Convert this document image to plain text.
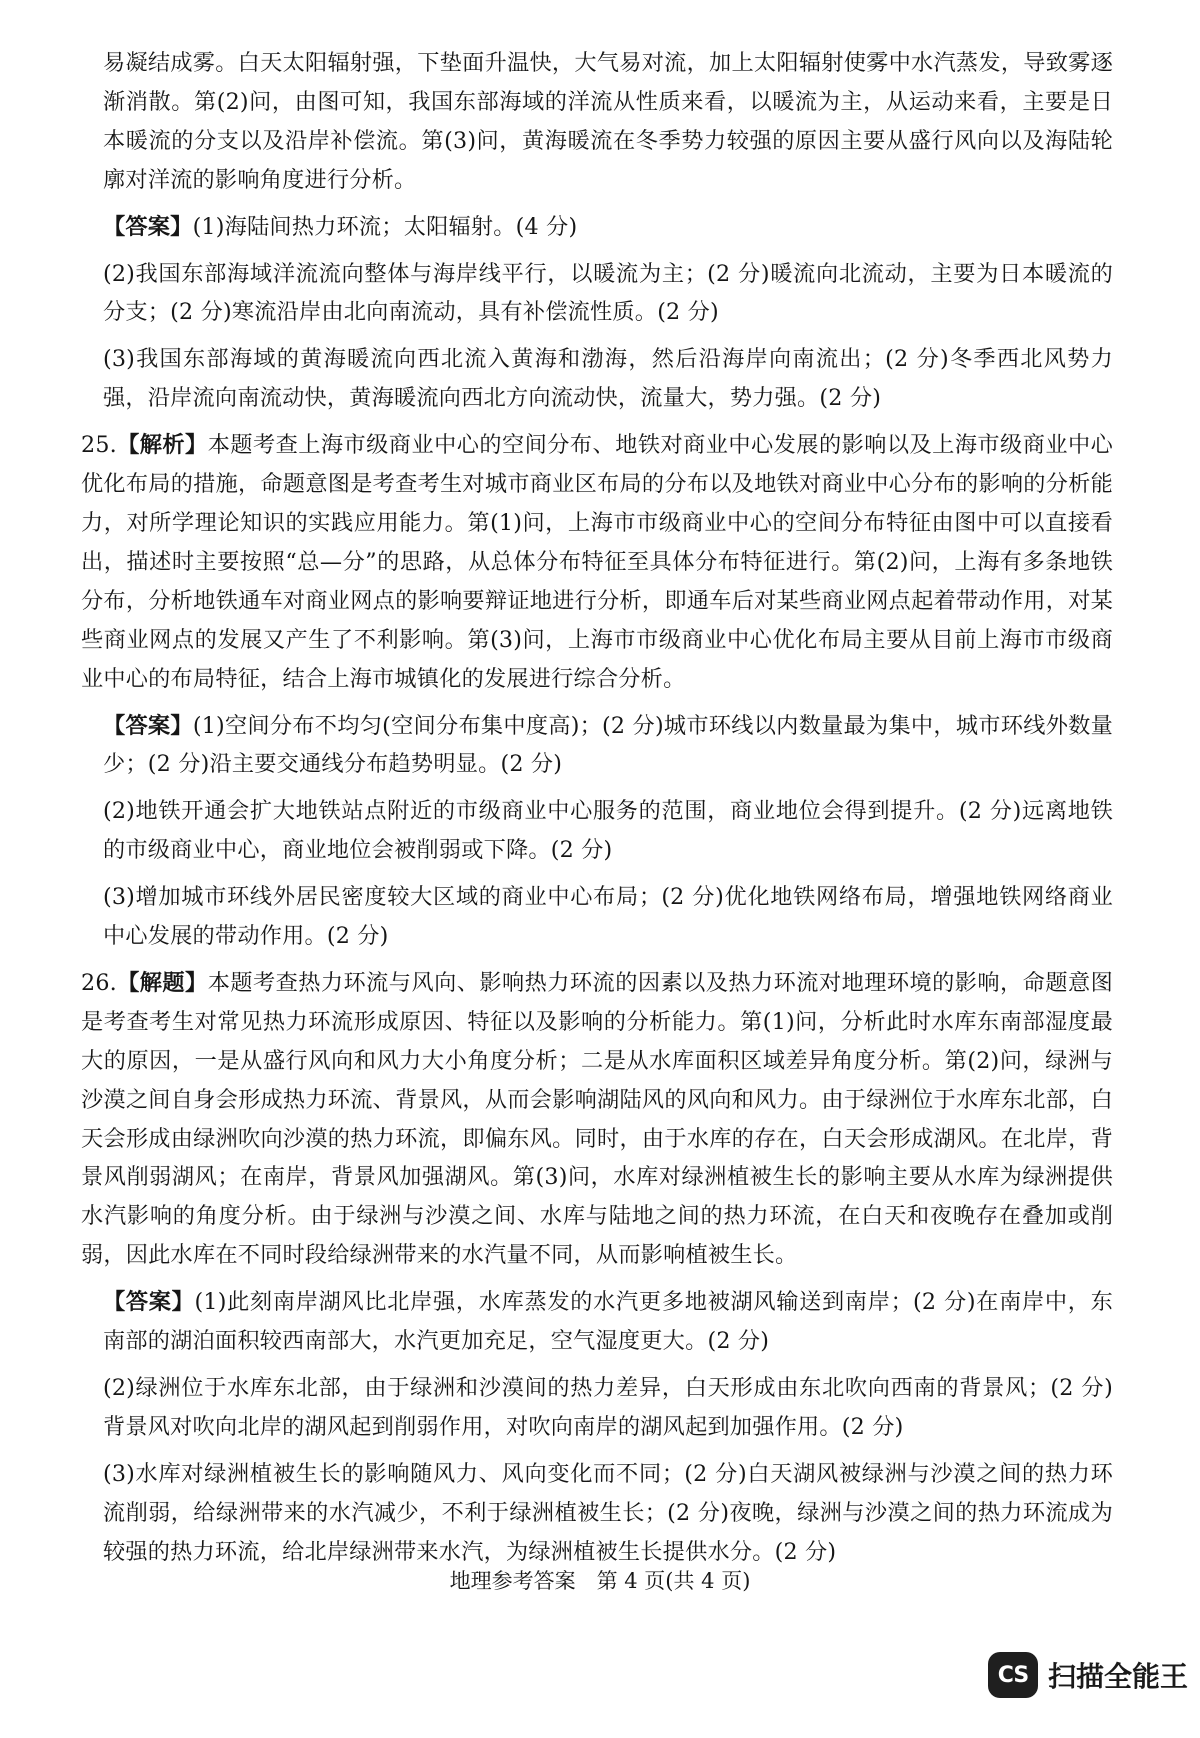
易凝结成雾。白天太阳辐射强，下垫面升温快，大气易对流，加上太阳辐射使雾中水汽蒸发，导致雾逐渐消散。第(2)问，由图可知，我国东部海域的洋流从性质来看，以暖流为主，从运动来看，主要是日本暖流的分支以及沿岸补偿流。第(3)问，黄海暖流在冬季势力较强的原因主要从盛行风向以及海陆轮廓对洋流的影响角度进行分析。

【答案】(1)海陆间热力环流；太阳辐射。(4 分)

(2)我国东部海域洋流流向整体与海岸线平行，以暖流为主；(2 分)暖流向北流动，主要为日本暖流的分支；(2 分)寒流沿岸由北向南流动，具有补偿流性质。(2 分)

(3)我国东部海域的黄海暖流向西北流入黄海和渤海，然后沿海岸向南流出；(2 分)冬季西北风势力强，沿岸流向南流动快，黄海暖流向西北方向流动快，流量大，势力强。(2 分)

25.【解析】本题考查上海市级商业中心的空间分布、地铁对商业中心发展的影响以及上海市级商业中心优化布局的措施，命题意图是考查考生对城市商业区布局的分布以及地铁对商业中心分布的影响的分析能力，对所学理论知识的实践应用能力。第(1)问，上海市市级商业中心的空间分布特征由图中可以直接看出，描述时主要按照“总—分”的思路，从总体分布特征至具体分布特征进行。第(2)问，上海有多条地铁分布，分析地铁通车对商业网点的影响要辩证地进行分析，即通车后对某些商业网点起着带动作用，对某些商业网点的发展又产生了不利影响。第(3)问，上海市市级商业中心优化布局主要从目前上海市市级商业中心的布局特征，结合上海市城镇化的发展进行综合分析。

【答案】(1)空间分布不均匀(空间分布集中度高)；(2 分)城市环线以内数量最为集中，城市环线外数量少；(2 分)沿主要交通线分布趋势明显。(2 分)

(2)地铁开通会扩大地铁站点附近的市级商业中心服务的范围，商业地位会得到提升。(2 分)远离地铁的市级商业中心，商业地位会被削弱或下降。(2 分)

(3)增加城市环线外居民密度较大区域的商业中心布局；(2 分)优化地铁网络布局，增强地铁网络商业中心发展的带动作用。(2 分)

26.【解题】本题考查热力环流与风向、影响热力环流的因素以及热力环流对地理环境的影响，命题意图是考查考生对常见热力环流形成原因、特征以及影响的分析能力。第(1)问，分析此时水库东南部湿度最大的原因，一是从盛行风向和风力大小角度分析；二是从水库面积区域差异角度分析。第(2)问，绿洲与沙漠之间自身会形成热力环流、背景风，从而会影响湖陆风的风向和风力。由于绿洲位于水库东北部，白天会形成由绿洲吹向沙漠的热力环流，即偏东风。同时，由于水库的存在，白天会形成湖风。在北岸，背景风削弱湖风；在南岸，背景风加强湖风。第(3)问，水库对绿洲植被生长的影响主要从水库为绿洲提供水汽影响的角度分析。由于绿洲与沙漠之间、水库与陆地之间的热力环流，在白天和夜晚存在叠加或削弱，因此水库在不同时段给绿洲带来的水汽量不同，从而影响植被生长。

【答案】(1)此刻南岸湖风比北岸强，水库蒸发的水汽更多地被湖风输送到南岸；(2 分)在南岸中，东南部的湖泊面积较西南部大，水汽更加充足，空气湿度更大。(2 分)

(2)绿洲位于水库东北部，由于绿洲和沙漠间的热力差异，白天形成由东北吹向西南的背景风；(2 分)背景风对吹向北岸的湖风起到削弱作用，对吹向南岸的湖风起到加强作用。(2 分)

(3)水库对绿洲植被生长的影响随风力、风向变化而不同；(2 分)白天湖风被绿洲与沙漠之间的热力环流削弱，给绿洲带来的水汽减少，不利于绿洲植被生长；(2 分)夜晚，绿洲与沙漠之间的热力环流成为较强的热力环流，给北岸绿洲带来水汽，为绿洲植被生长提供水分。(2 分)

地理参考答案　第 4 页(共 4 页)
CS 扫描全能王
